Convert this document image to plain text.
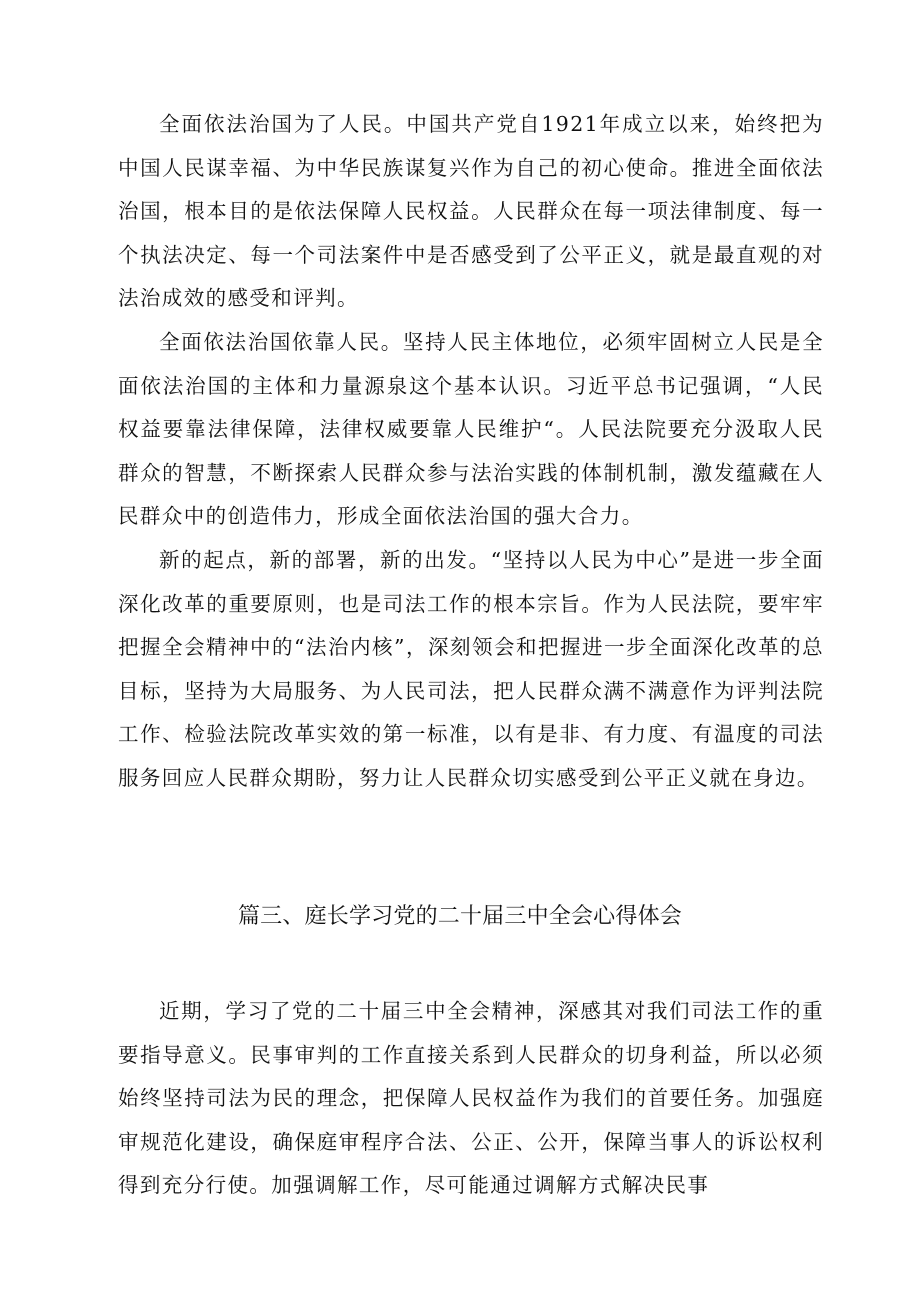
全面依法治国为了人民。中国共产党自1921年成立以来，始终把为中国人民谋幸福、为中华民族谋复兴作为自己的初心使命。推进全面依法治国，根本目的是依法保障人民权益。人民群众在每一项法律制度、每一个执法决定、每一个司法案件中是否感受到了公平正义，就是最直观的对法治成效的感受和评判。

全面依法治国依靠人民。坚持人民主体地位，必须牢固树立人民是全面依法治国的主体和力量源泉这个基本认识。习近平总书记强调，“人民权益要靠法律保障，法律权威要靠人民维护“。人民法院要充分汲取人民群众的智慧，不断探索人民群众参与法治实践的体制机制，激发蕴藏在人民群众中的创造伟力，形成全面依法治国的强大合力。

新的起点，新的部署，新的出发。“坚持以人民为中心”是进一步全面深化改革的重要原则，也是司法工作的根本宗旨。作为人民法院，要牢牢把握全会精神中的“法治内核”，深刻领会和把握进一步全面深化改革的总目标，坚持为大局服务、为人民司法，把人民群众满不满意作为评判法院工作、检验法院改革实效的第一标准，以有是非、有力度、有温度的司法服务回应人民群众期盼，努力让人民群众切实感受到公平正义就在身边。

篇三、庭长学习党的二十届三中全会心得体会

近期，学习了党的二十届三中全会精神，深感其对我们司法工作的重要指导意义。民事审判的工作直接关系到人民群众的切身利益，所以必须始终坚持司法为民的理念，把保障人民权益作为我们的首要任务。加强庭审规范化建设，确保庭审程序合法、公正、公开，保障当事人的诉讼权利得到充分行使。加强调解工作，尽可能通过调解方式解决民事
